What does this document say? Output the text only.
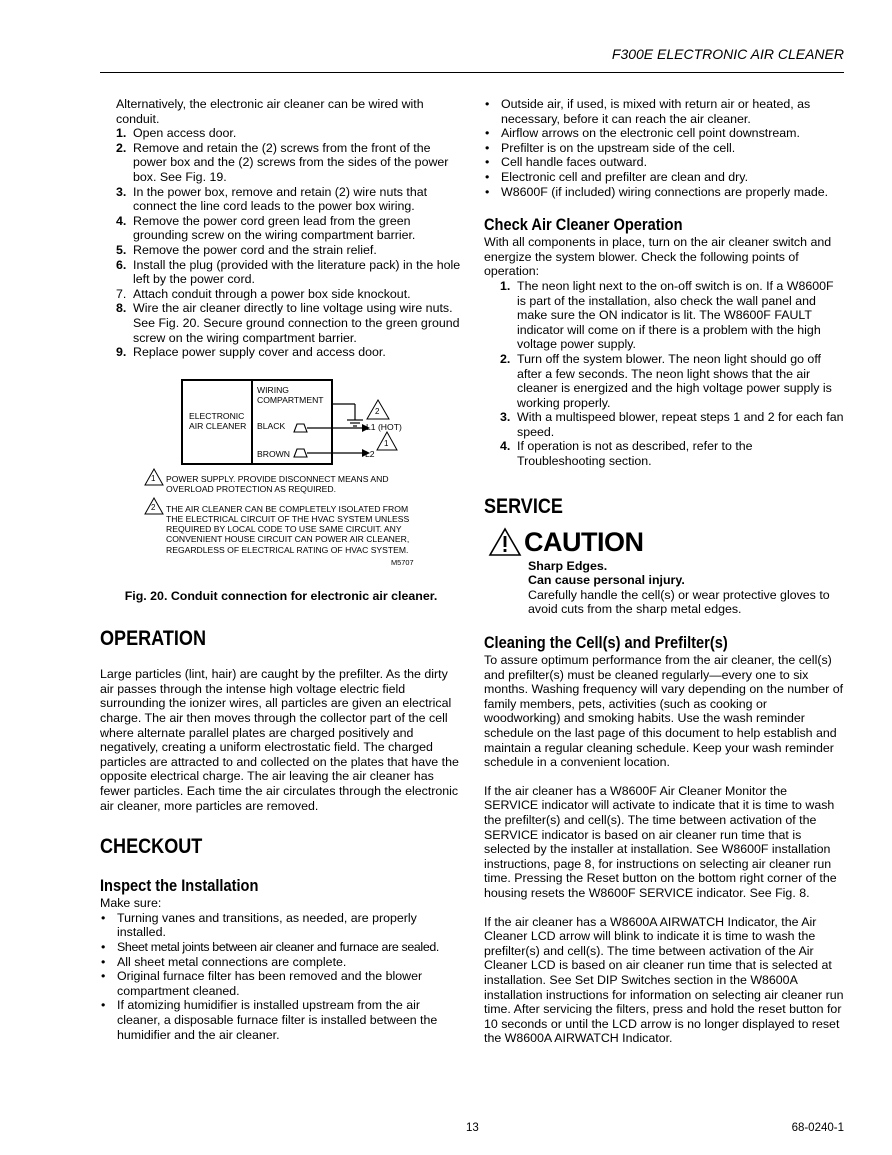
F300E ELECTRONIC AIR CLEANER

Alternatively, the electronic air cleaner can be wired with conduit.

1. Open access door.
2. Remove and retain the (2) screws from the front of the power box and the (2) screws from the sides of the power box. See Fig. 19.
3. In the power box, remove and retain (2) wire nuts that connect the line cord leads to the power box wiring.
4. Remove the power cord green lead from the green grounding screw on the wiring compartment barrier.
5. Remove the power cord and the strain relief.
6. Install the plug (provided with the literature pack) in the hole left by the power cord.
7. Attach conduit through a power box side knockout.
8. Wire the air cleaner directly to line voltage using wire nuts. See Fig. 20. Secure ground connection to the green ground screw on the wiring compartment barrier.
9. Replace power supply cover and access door.
ELECTRONIC
AIR CLEANER
WIRING
COMPARTMENT
BLACK
BROWN
L1 (HOT)
L2
2
1
1
2
POWER SUPPLY. PROVIDE DISCONNECT MEANS AND OVERLOAD PROTECTION AS REQUIRED.
THE AIR CLEANER CAN BE COMPLETELY ISOLATED FROM THE ELECTRICAL CIRCUIT OF THE HVAC SYSTEM UNLESS REQUIRED BY LOCAL CODE TO USE SAME CIRCUIT. ANY CONVENIENT HOUSE CIRCUIT CAN POWER AIR CLEANER, REGARDLESS OF ELECTRICAL RATING OF HVAC SYSTEM.
M5707

Fig. 20. Conduit connection for electronic air cleaner.

OPERATION

Large particles (lint, hair) are caught by the prefilter. As the dirty air passes through the intense high voltage electric field surrounding the ionizer wires, all particles are given an electrical charge. The air then moves through the collector part of the cell where alternate parallel plates are charged positively and negatively, creating a uniform electrostatic field. The charged particles are attracted to and collected on the plates that have the opposite electrical charge. The air leaving the air cleaner has fewer particles. Each time the air circulates through the electronic air cleaner, more particles are removed.

CHECKOUT
Inspect the Installation

Make sure:

• Turning vanes and transitions, as needed, are properly installed.
• Sheet metal joints between air cleaner and furnace are sealed.
• All sheet metal connections are complete.
• Original furnace filter has been removed and the blower compartment cleaned.
• If atomizing humidifier is installed upstream from the air cleaner, a disposable furnace filter is installed between the humidifier and the air cleaner.
• Outside air, if used, is mixed with return air or heated, as necessary, before it can reach the air cleaner.
• Airflow arrows on the electronic cell point downstream.
• Prefilter is on the upstream side of the cell.
• Cell handle faces outward.
• Electronic cell and prefilter are clean and dry.
• W8600F (if included) wiring connections are properly made.
Check Air Cleaner Operation

With all components in place, turn on the air cleaner switch and energize the system blower. Check the following points of operation:

1. The neon light next to the on-off switch is on. If a W8600F is part of the installation, also check the wall panel and make sure the ON indicator is lit. The W8600F FAULT indicator will come on if there is a problem with the high voltage power supply.
2. Turn off the system blower. The neon light should go off after a few seconds. The neon light shows that the air cleaner is energized and the high voltage power supply is working properly.
3. With a multispeed blower, repeat steps 1 and 2 for each fan speed.
4. If operation is not as described, refer to the Troubleshooting section.
SERVICE
CAUTION

Sharp Edges.

Can cause personal injury.

Carefully handle the cell(s) or wear protective gloves to avoid cuts from the sharp metal edges.

Cleaning the Cell(s) and Prefilter(s)

To assure optimum performance from the air cleaner, the cell(s) and prefilter(s) must be cleaned regularly—every one to six months. Washing frequency will vary depending on the number of family members, pets, activities (such as cooking or woodworking) and smoking habits. Use the wash reminder schedule on the last page of this document to help establish and maintain a regular cleaning schedule. Keep your wash reminder schedule in a convenient location.

If the air cleaner has a W8600F Air Cleaner Monitor the SERVICE indicator will activate to indicate that it is time to wash the prefilter(s) and cell(s). The time between activation of the SERVICE indicator is based on air cleaner run time that is selected by the installer at installation. See W8600F installation instructions, page 8, for instructions on selecting air cleaner run time. Pressing the Reset button on the bottom right corner of the housing resets the W8600F SERVICE indicator. See Fig. 8.

If the air cleaner has a W8600A AIRWATCH Indicator, the Air Cleaner LCD arrow will blink to indicate it is time to wash the prefilter(s) and cell(s). The time between activation of the Air Cleaner LCD is based on air cleaner run time that is selected at installation. See Set DIP Switches section in the W8600A installation instructions for information on selecting air cleaner run time. After servicing the filters, press and hold the reset button for 10 seconds or until the LCD arrow is no longer displayed to reset the W8600A AIRWATCH Indicator.

13	68-0240-1
